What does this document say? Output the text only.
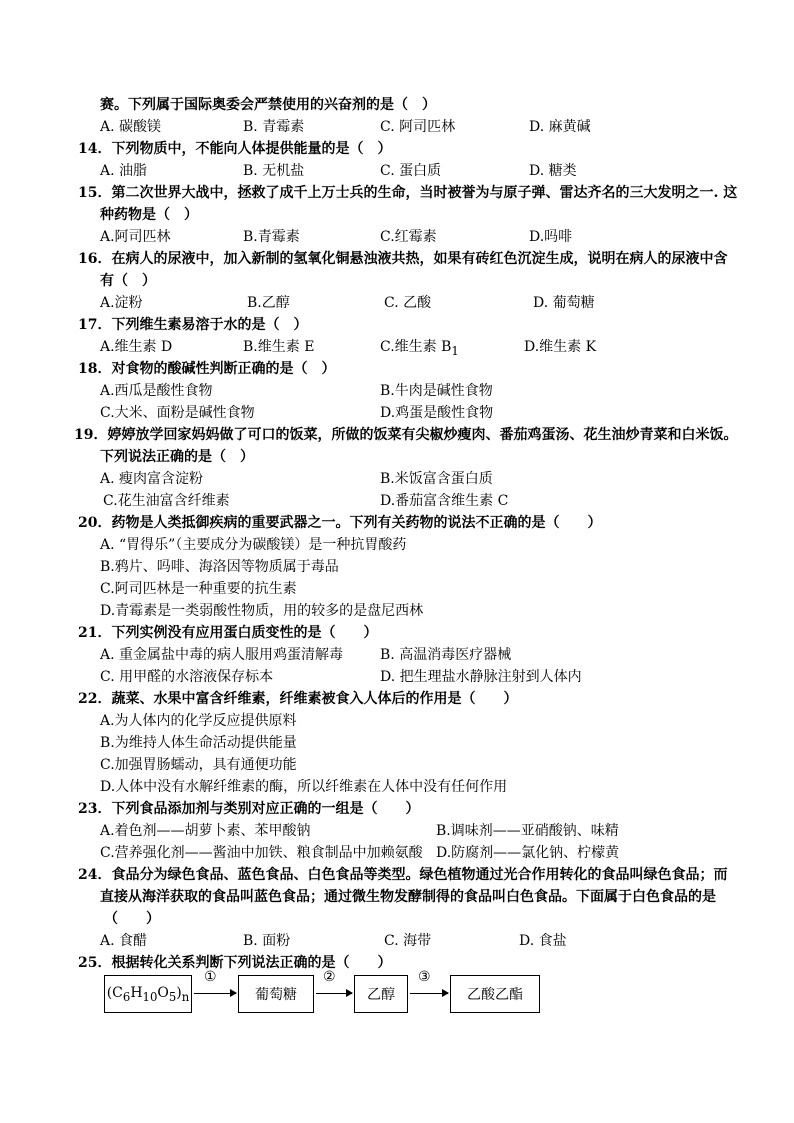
赛。下列属于国际奥委会严禁使用的兴奋剂的是（　）
A. 碳酸镁	B. 青霉素	C. 阿司匹林	D. 麻黄碱
14．下列物质中，不能向人体提供能量的是（　）
A. 油脂	B. 无机盐	C. 蛋白质	D. 糖类
15．第二次世界大战中，拯救了成千上万士兵的生命，当时被誉为与原子弹、雷达齐名的三大发明之一. 这
种药物是（　）
A.阿司匹林	B.青霉素	C.红霉素	D.吗啡
16．在病人的尿液中，加入新制的氢氧化铜悬浊液共热，如果有砖红色沉淀生成，说明在病人的尿液中含
有（　）
A.淀粉	B.乙醇	C. 乙酸	D. 葡萄糖
17．下列维生素易溶于水的是（　）
A.维生素 D	B.维生素 E	C.维生素 $B_1$	D.维生素 K
18．对食物的酸碱性判断正确的是（　）
A.西瓜是酸性食物	B.牛肉是碱性食物
C.大米、面粉是碱性食物	D.鸡蛋是酸性食物
19．婷婷放学回家妈妈做了可口的饭菜，所做的饭菜有尖椒炒瘦肉、番茄鸡蛋汤、花生油炒青菜和白米饭。
下列说法正确的是（　）
A. 瘦肉富含淀粉	B.米饭富含蛋白质
C.花生油富含纤维素	D.番茄富含维生素 C
20．药物是人类抵御疾病的重要武器之一。下列有关药物的说法不正确的是（　　）
A. “胃得乐”（主要成分为碳酸镁）是一种抗胃酸药
B.鸦片、吗啡、海洛因等物质属于毒品
C.阿司匹林是一种重要的抗生素
D.青霉素是一类弱酸性物质，用的较多的是盘尼西林
21．下列实例没有应用蛋白质变性的是（　　）
A. 重金属盐中毒的病人服用鸡蛋清解毒	B. 高温消毒医疗器械
C. 用甲醛的水溶液保存标本	D. 把生理盐水静脉注射到人体内
22．蔬菜、水果中富含纤维素，纤维素被食入人体后的作用是（　　）
A.为人体内的化学反应提供原料
B.为维持人体生命活动提供能量
C.加强胃肠蠕动，具有通便功能
D.人体中没有水解纤维素的酶，所以纤维素在人体中没有任何作用
23．下列食品添加剂与类别对应正确的一组是（　　）
A.着色剂——胡萝卜素、苯甲酸钠	B.调味剂——亚硝酸钠、味精
C.营养强化剂——酱油中加铁、粮食制品中加赖氨酸 D.防腐剂——氯化钠、柠檬黄
24．食品分为绿色食品、蓝色食品、白色食品等类型。绿色植物通过光合作用转化的食品叫绿色食品；而
直接从海洋获取的食品叫蓝色食品；通过微生物发酵制得的食品叫白色食品。下面属于白色食品的是
（　　）
A. 食醋	B. 面粉	C. 海带	D. 食盐
25．根据转化关系判断下列说法正确的是（　　）
$(C_6H_{10}O_5)_n$
①
葡萄糖
②
乙醇
③
乙酸乙酯
